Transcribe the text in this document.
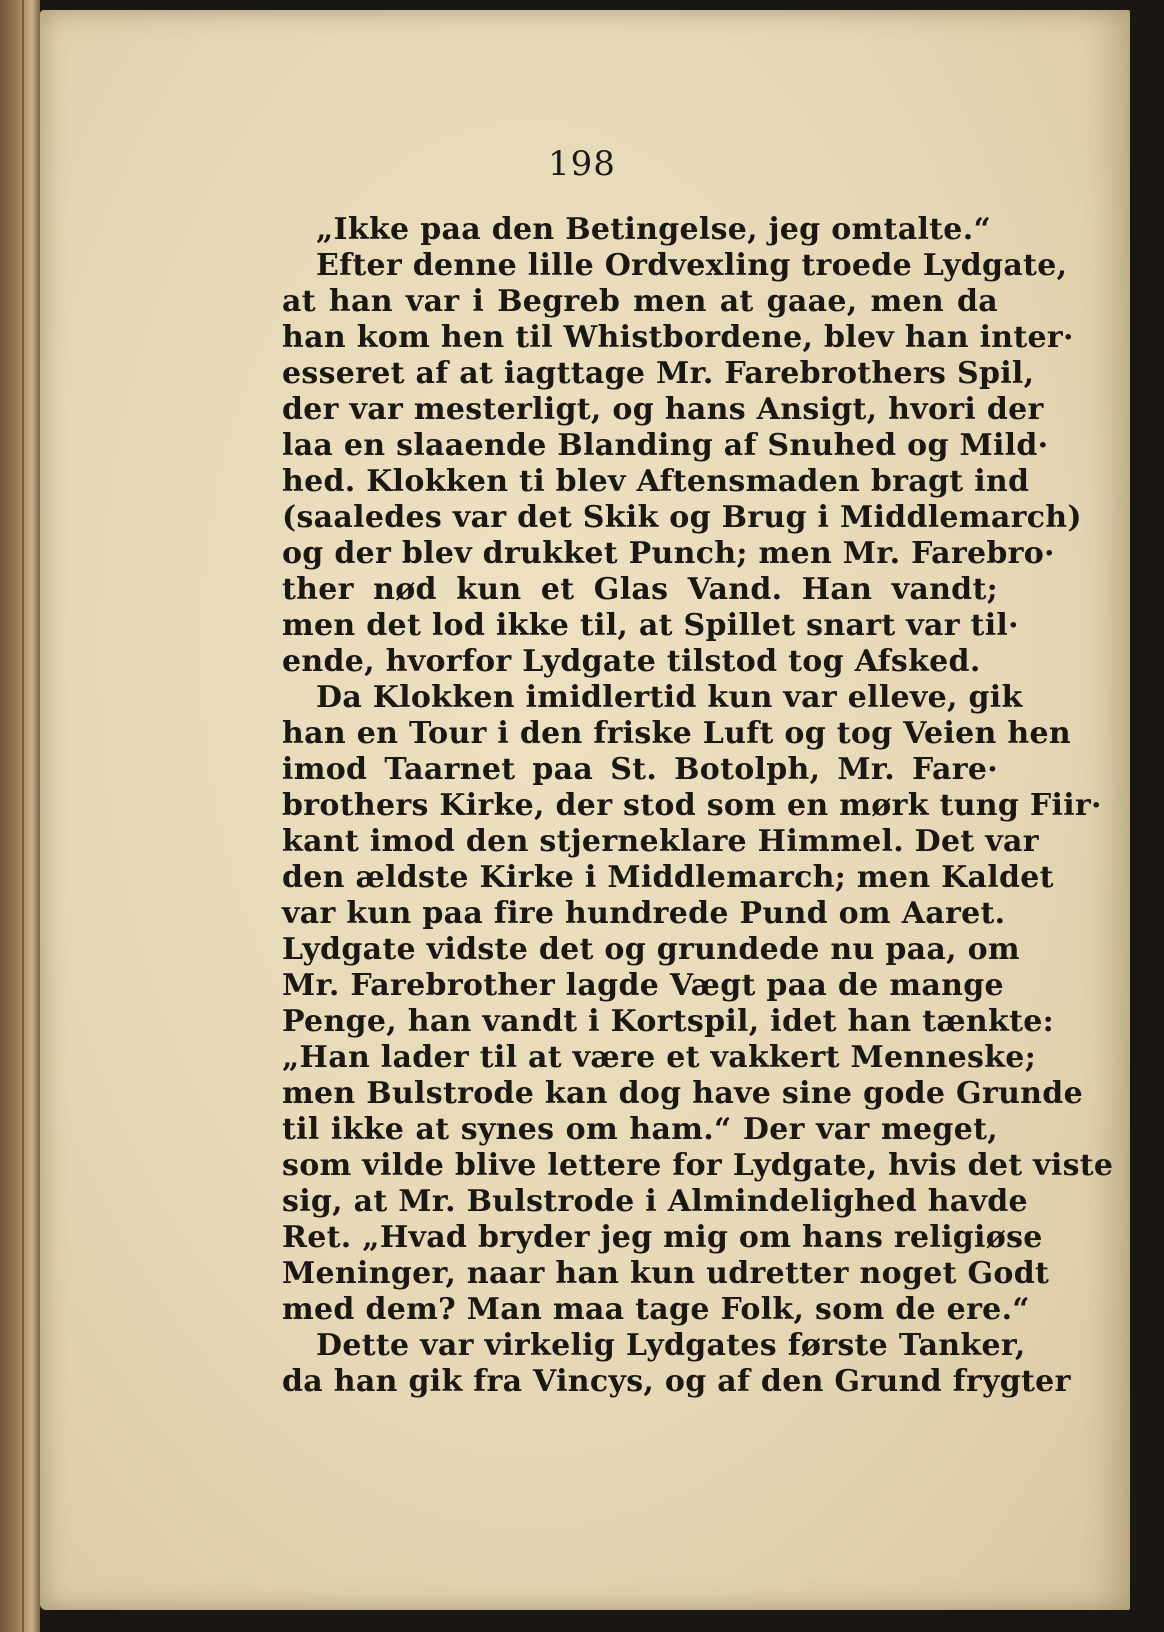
198
„Ikke paa den Betingelse, jeg omtalte.“
Efter denne lille Ordvexling troede Lydgate,
at han var i Begreb men at gaae, men da
han kom hen til Whistbordene, blev han inter·
esseret af at iagttage Mr. Farebrothers Spil,
der var mesterligt, og hans Ansigt, hvori der
laa en slaaende Blanding af Snuhed og Mild·
hed. Klokken ti blev Aftensmaden bragt ind
(saaledes var det Skik og Brug i Middlemarch)
og der blev drukket Punch; men Mr. Farebro·
ther nød kun et Glas Vand. Han vandt;
men det lod ikke til, at Spillet snart var til·
ende, hvorfor Lydgate tilstod tog Afsked.
Da Klokken imidlertid kun var elleve, gik
han en Tour i den friske Luft og tog Veien hen
imod Taarnet paa St. Botolph, Mr. Fare·
brothers Kirke, der stod som en mørk tung Fiir·
kant imod den stjerneklare Himmel. Det var
den ældste Kirke i Middlemarch; men Kaldet
var kun paa fire hundrede Pund om Aaret.
Lydgate vidste det og grundede nu paa, om
Mr. Farebrother lagde Vægt paa de mange
Penge, han vandt i Kortspil, idet han tænkte:
„Han lader til at være et vakkert Menneske;
men Bulstrode kan dog have sine gode Grunde
til ikke at synes om ham.“ Der var meget,
som vilde blive lettere for Lydgate, hvis det viste
sig, at Mr. Bulstrode i Almindelighed havde
Ret. „Hvad bryder jeg mig om hans religiøse
Meninger, naar han kun udretter noget Godt
med dem? Man maa tage Folk, som de ere.“
Dette var virkelig Lydgates første Tanker,
da han gik fra Vincys, og af den Grund frygter
